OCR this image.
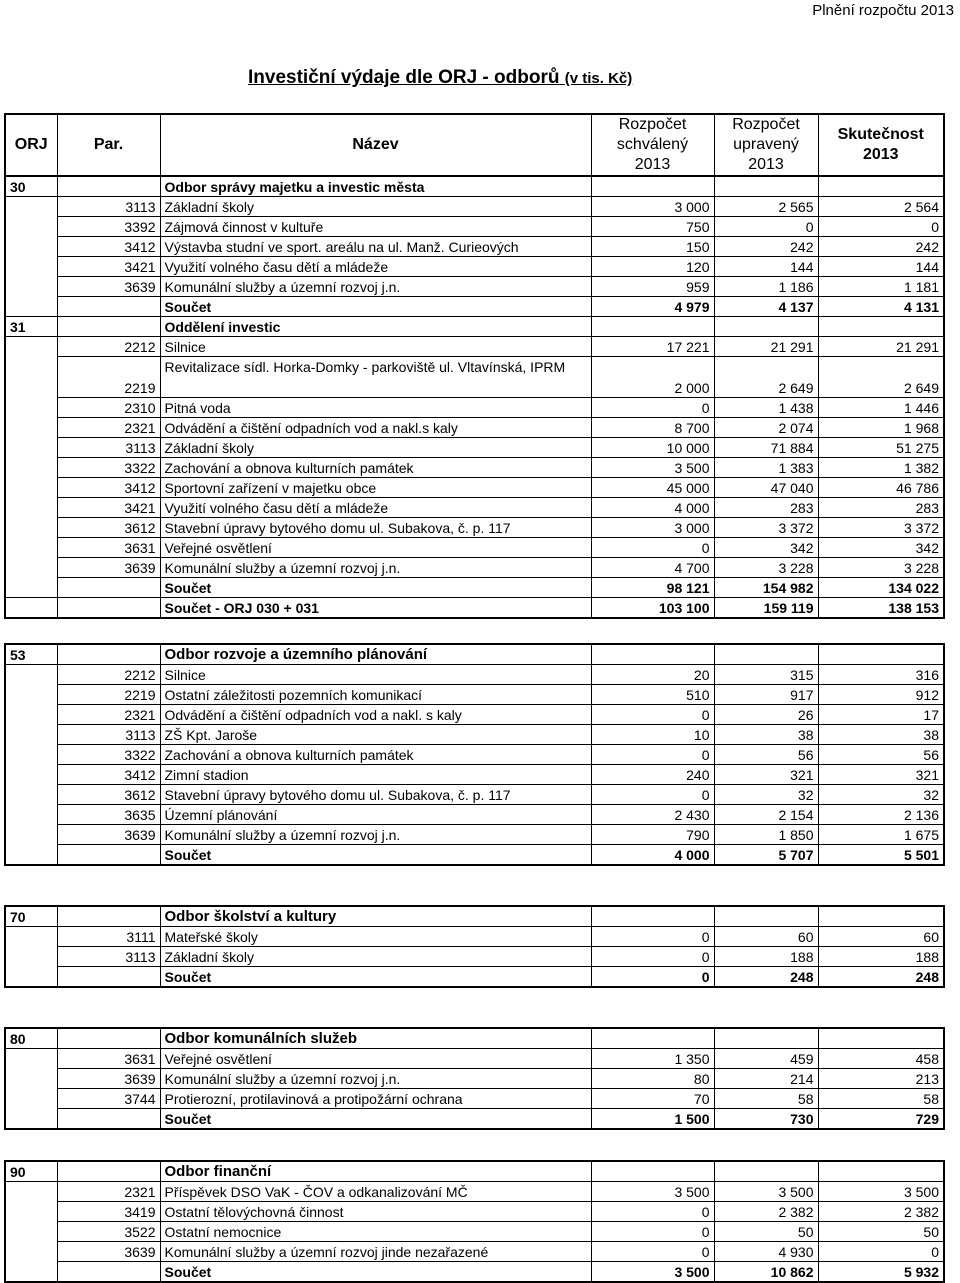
Plnění rozpočtu 2013
Investiční výdaje dle ORJ - odborů (v tis. Kč)
ORJ	Par.	Název	Rozpočet
schválený
2013	Rozpočet
upravený
2013	Skutečnost
2013
30		Odbor správy majetku a investic města			
	3113	Základní školy	3 000	2 565	2 564
	3392	Zájmová činnost v kultuře	750	0	0
	3412	Výstavba studní ve sport. areálu na ul. Manž. Curieových	150	242	242
	3421	Využití volného času dětí a mládeže	120	144	144
	3639	Komunální služby a územní rozvoj j.n.	959	1 186	1 181
		Součet	4 979	4 137	4 131
31		Oddělení investic			
	2212	Silnice	17 221	21 291	21 291
	2219	Revitalizace sídl. Horka-Domky - parkoviště ul. Vltavínská, IPRM	2 000	2 649	2 649
	2310	Pitná voda	0	1 438	1 446
	2321	Odvádění a čištění odpadních vod a nakl.s kaly	8 700	2 074	1 968
	3113	Základní školy	10 000	71 884	51 275
	3322	Zachování a obnova kulturních památek	3 500	1 383	1 382
	3412	Sportovní zařízení v majetku obce	45 000	47 040	46 786
	3421	Využití volného času dětí a mládeže	4 000	283	283
	3612	Stavební úpravy bytového domu ul. Subakova, č. p. 117	3 000	3 372	3 372
	3631	Veřejné osvětlení	0	342	342
	3639	Komunální služby a územní rozvoj j.n.	4 700	3 228	3 228
		Součet	98 121	154 982	134 022
		Součet - ORJ 030 + 031	103 100	159 119	138 153
53		Odbor rozvoje a územního plánování			
	2212	Silnice	20	315	316
	2219	Ostatní záležitosti pozemních komunikací	510	917	912
	2321	Odvádění a čištění odpadních vod a nakl. s kaly	0	26	17
	3113	ZŠ Kpt. Jaroše	10	38	38
	3322	Zachování a obnova kulturních památek	0	56	56
	3412	Zimní stadion	240	321	321
	3612	Stavební úpravy bytového domu ul. Subakova, č. p. 117	0	32	32
	3635	Územní plánování	2 430	2 154	2 136
	3639	Komunální služby a územní rozvoj j.n.	790	1 850	1 675
		Součet	4 000	5 707	5 501
70		Odbor školství a kultury			
	3111	Mateřské školy	0	60	60
	3113	Základní školy	0	188	188
		Součet	0	248	248
80		Odbor komunálních služeb			
	3631	Veřejné osvětlení	1 350	459	458
	3639	Komunální služby a územní rozvoj j.n.	80	214	213
	3744	Protierozní, protilavinová a protipožární ochrana	70	58	58
		Součet	1 500	730	729
90		Odbor finanční			
	2321	Příspěvek DSO VaK - ČOV a odkanalizování MČ	3 500	3 500	3 500
	3419	Ostatní tělovýchovná činnost	0	2 382	2 382
	3522	Ostatní nemocnice	0	50	50
	3639	Komunální služby a územní rozvoj jinde nezařazené	0	4 930	0
		Součet	3 500	10 862	5 932
